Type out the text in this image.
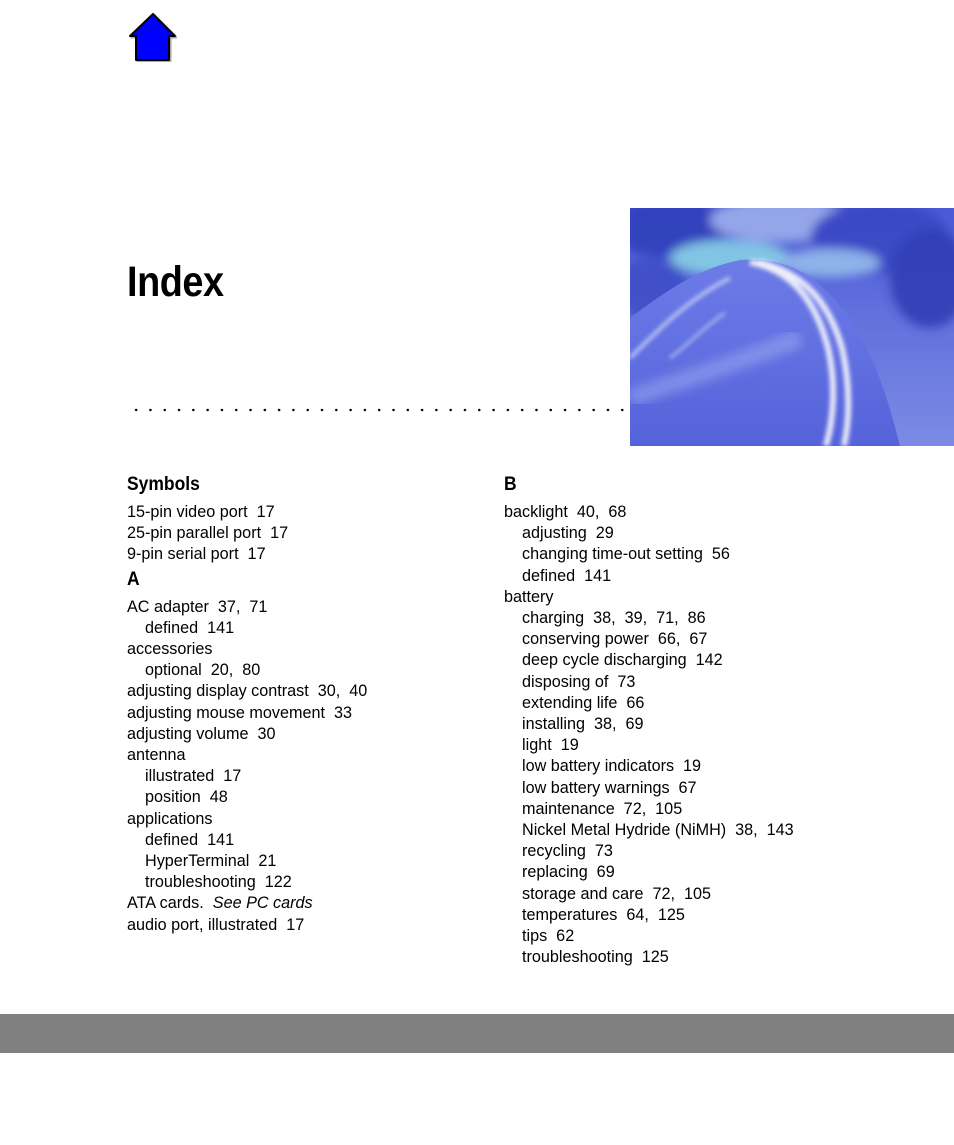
Index
Symbols
15-pin video port  17
25-pin parallel port  17
9-pin serial port  17
A
AC adapter  37,  71
defined  141
accessories
optional  20,  80
adjusting display contrast  30,  40
adjusting mouse movement  33
adjusting volume  30
antenna
illustrated  17
position  48
applications
defined  141
HyperTerminal  21
troubleshooting  122
ATA cards.  See PC cards
audio port, illustrated  17
B
backlight  40,  68
adjusting  29
changing time-out setting  56
defined  141
battery
charging  38,  39,  71,  86
conserving power  66,  67
deep cycle discharging  142
disposing of  73
extending life  66
installing  38,  69
light  19
low battery indicators  19
low battery warnings  67
maintenance  72,  105
Nickel Metal Hydride (NiMH)  38,  143
recycling  73
replacing  69
storage and care  72,  105
temperatures  64,  125
tips  62
troubleshooting  125
